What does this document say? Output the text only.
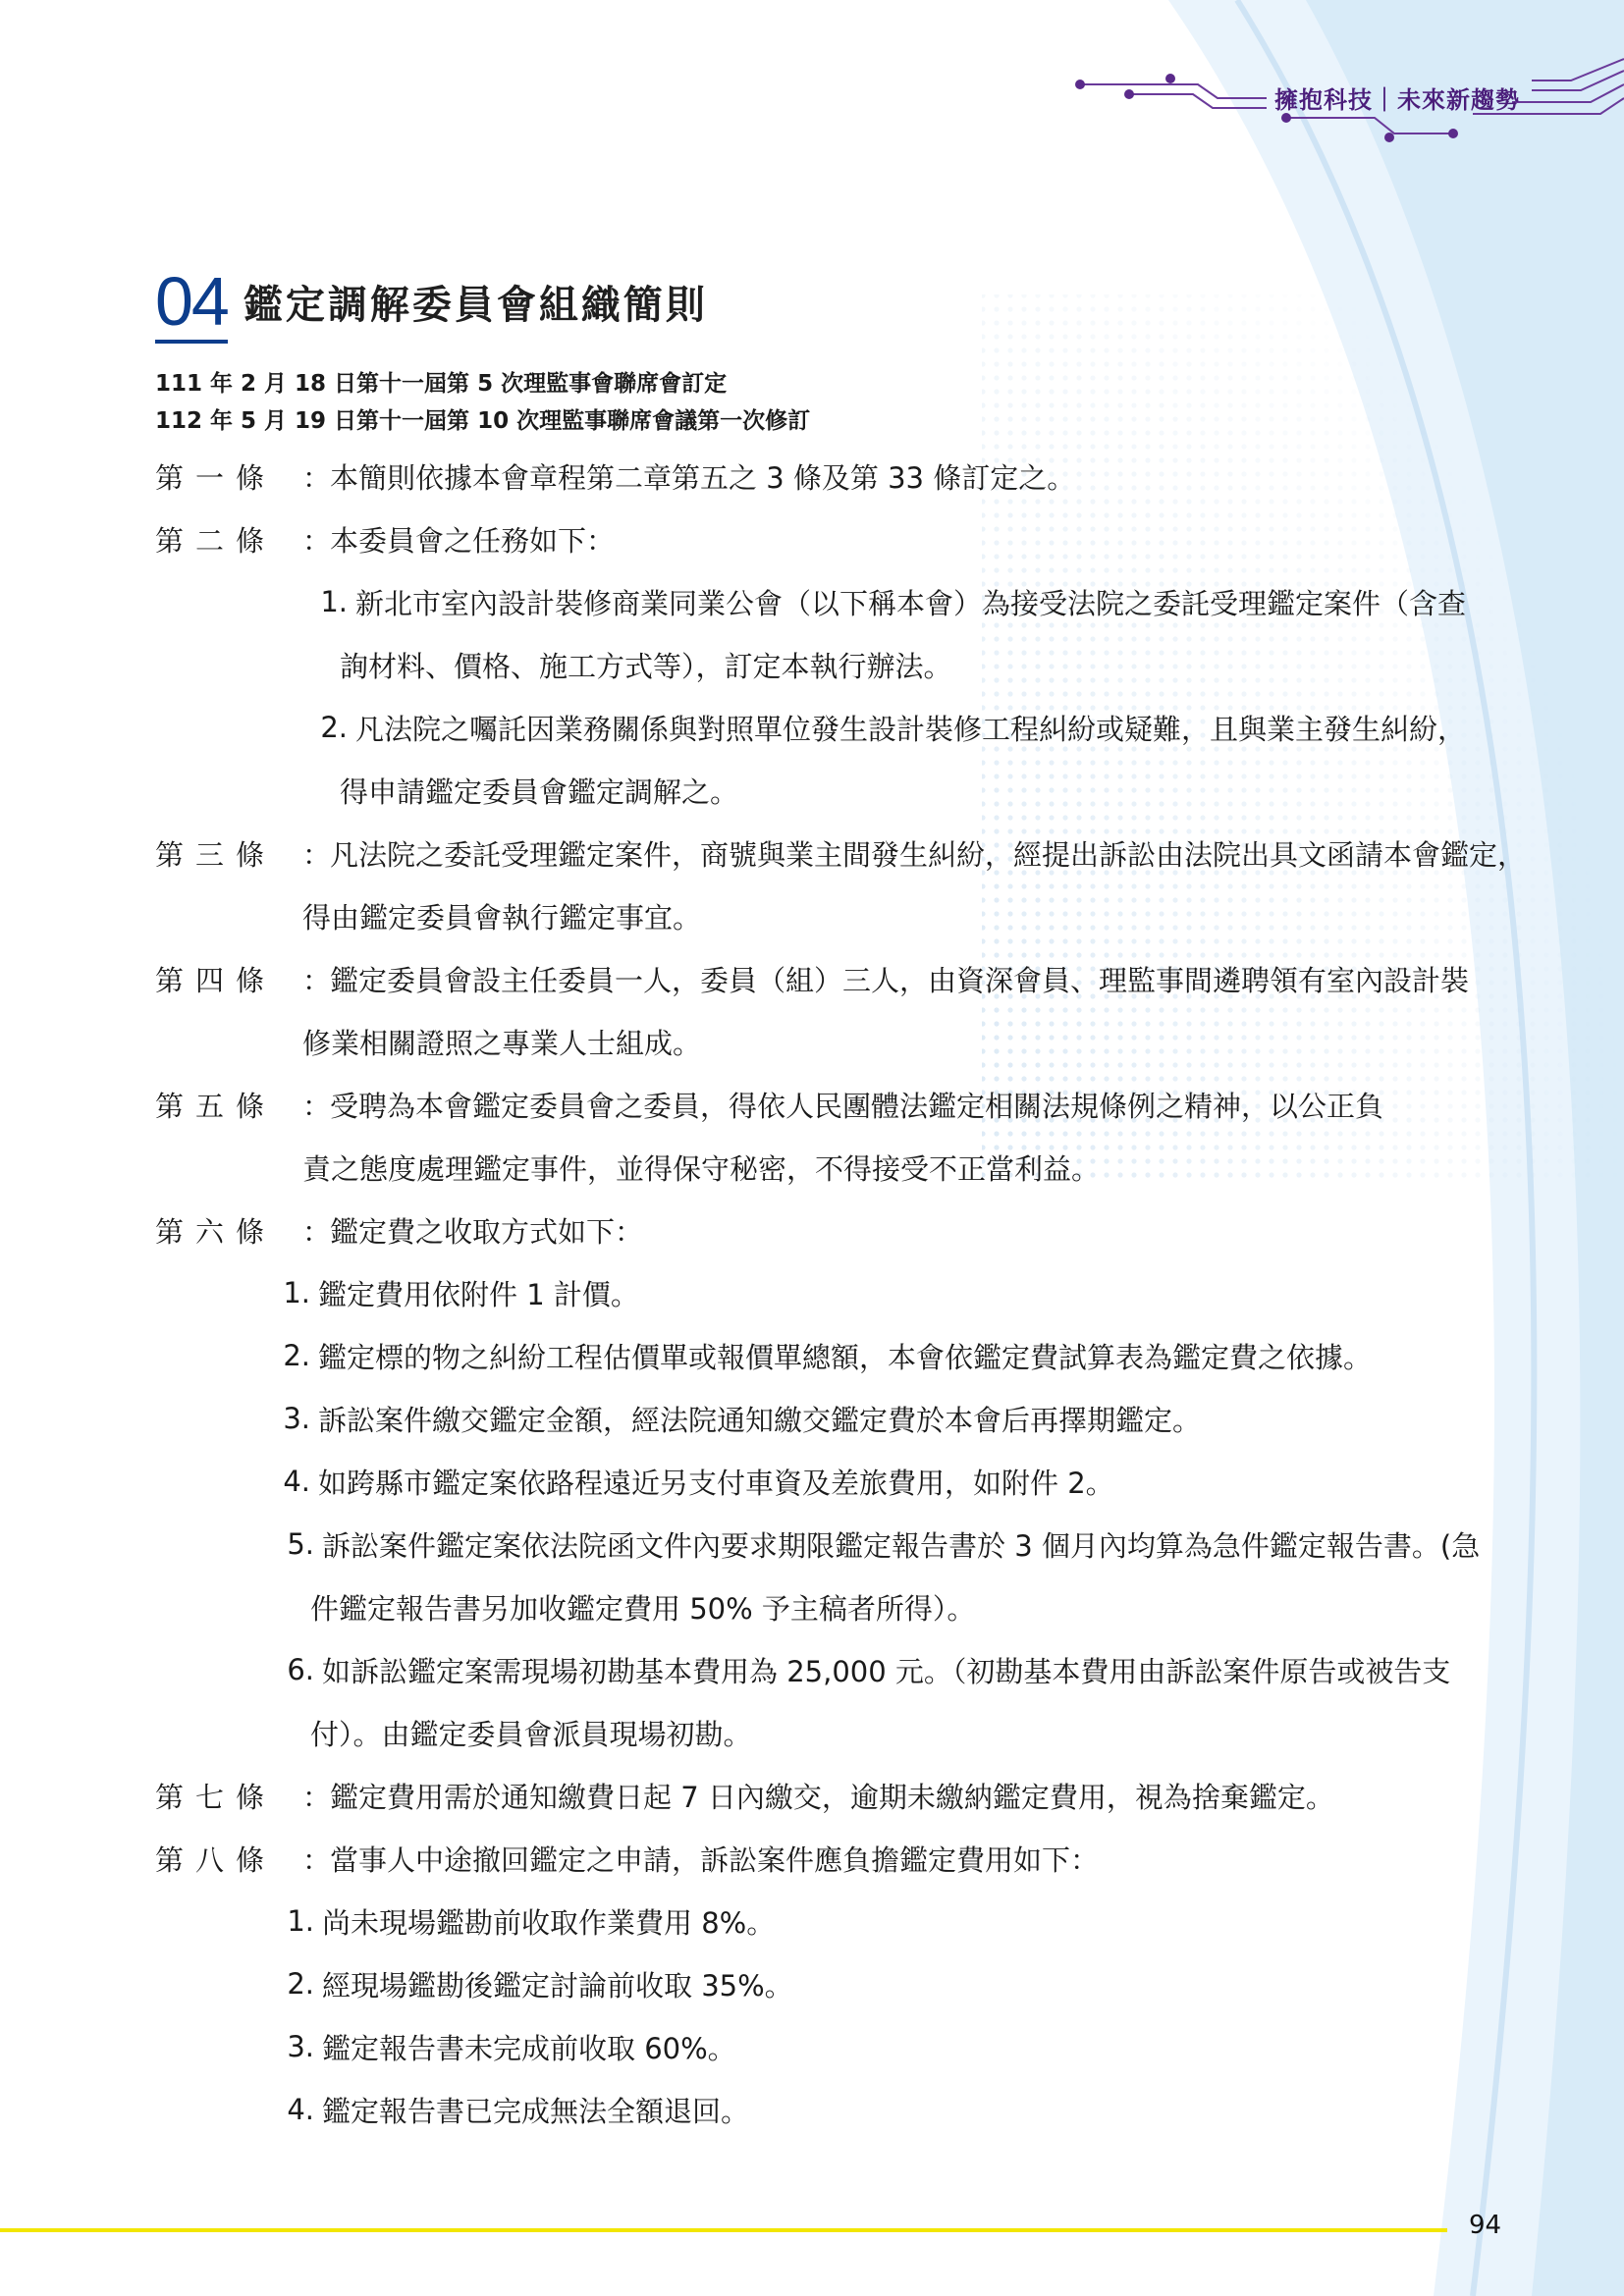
擁抱科技｜未來新趨勢
04 鑑定調解委員會組織簡則
111 年 2 月 18 日第十一屆第 5 次理監事會聯席會訂定
112 年 5 月 19 日第十一屆第 10 次理監事聯席會議第一次修訂
第一條 ：
本簡則依據本會章程第二章第五之 3 條及第 33 條訂定之。
第二條 ：
本委員會之任務如下：
1. 新北市室內設計裝修商業同業公會（以下稱本會）為接受法院之委託受理鑑定案件（含查
詢材料、價格、施工方式等），訂定本執行辦法。
2. 凡法院之囑託因業務關係與對照單位發生設計裝修工程糾紛或疑難，且與業主發生糾紛，
得申請鑑定委員會鑑定調解之。
第三條 ：
凡法院之委託受理鑑定案件，商號與業主間發生糾紛，經提出訴訟由法院出具文函請本會鑑定，
得由鑑定委員會執行鑑定事宜。
第四條 ：
鑑定委員會設主任委員一人，委員（組）三人，由資深會員、理監事間遴聘領有室內設計裝
修業相關證照之專業人士組成。
第五條 ：
受聘為本會鑑定委員會之委員，得依人民團體法鑑定相關法規條例之精神，以公正負
責之態度處理鑑定事件，並得保守秘密，不得接受不正當利益。
第六條 ：
鑑定費之收取方式如下：
1. 鑑定費用依附件 1 計價。
2. 鑑定標的物之糾紛工程估價單或報價單總額，本會依鑑定費試算表為鑑定費之依據。
3. 訴訟案件繳交鑑定金額，經法院通知繳交鑑定費於本會后再擇期鑑定。
4. 如跨縣市鑑定案依路程遠近另支付車資及差旅費用，如附件 2。
5. 訴訟案件鑑定案依法院函文件內要求期限鑑定報告書於 3 個月內均算為急件鑑定報告書。(急
件鑑定報告書另加收鑑定費用 50% 予主稿者所得）。
6. 如訴訟鑑定案需現場初勘基本費用為 25,000 元。（初勘基本費用由訴訟案件原告或被告支
付）。由鑑定委員會派員現場初勘。
第七條 ：
鑑定費用需於通知繳費日起 7 日內繳交，逾期未繳納鑑定費用，視為捨棄鑑定。
第八條 ：
當事人中途撤回鑑定之申請，訴訟案件應負擔鑑定費用如下：
1. 尚未現場鑑勘前收取作業費用 8%。
2. 經現場鑑勘後鑑定討論前收取 35%。
3. 鑑定報告書未完成前收取 60%。
4. 鑑定報告書已完成無法全額退回。
94
